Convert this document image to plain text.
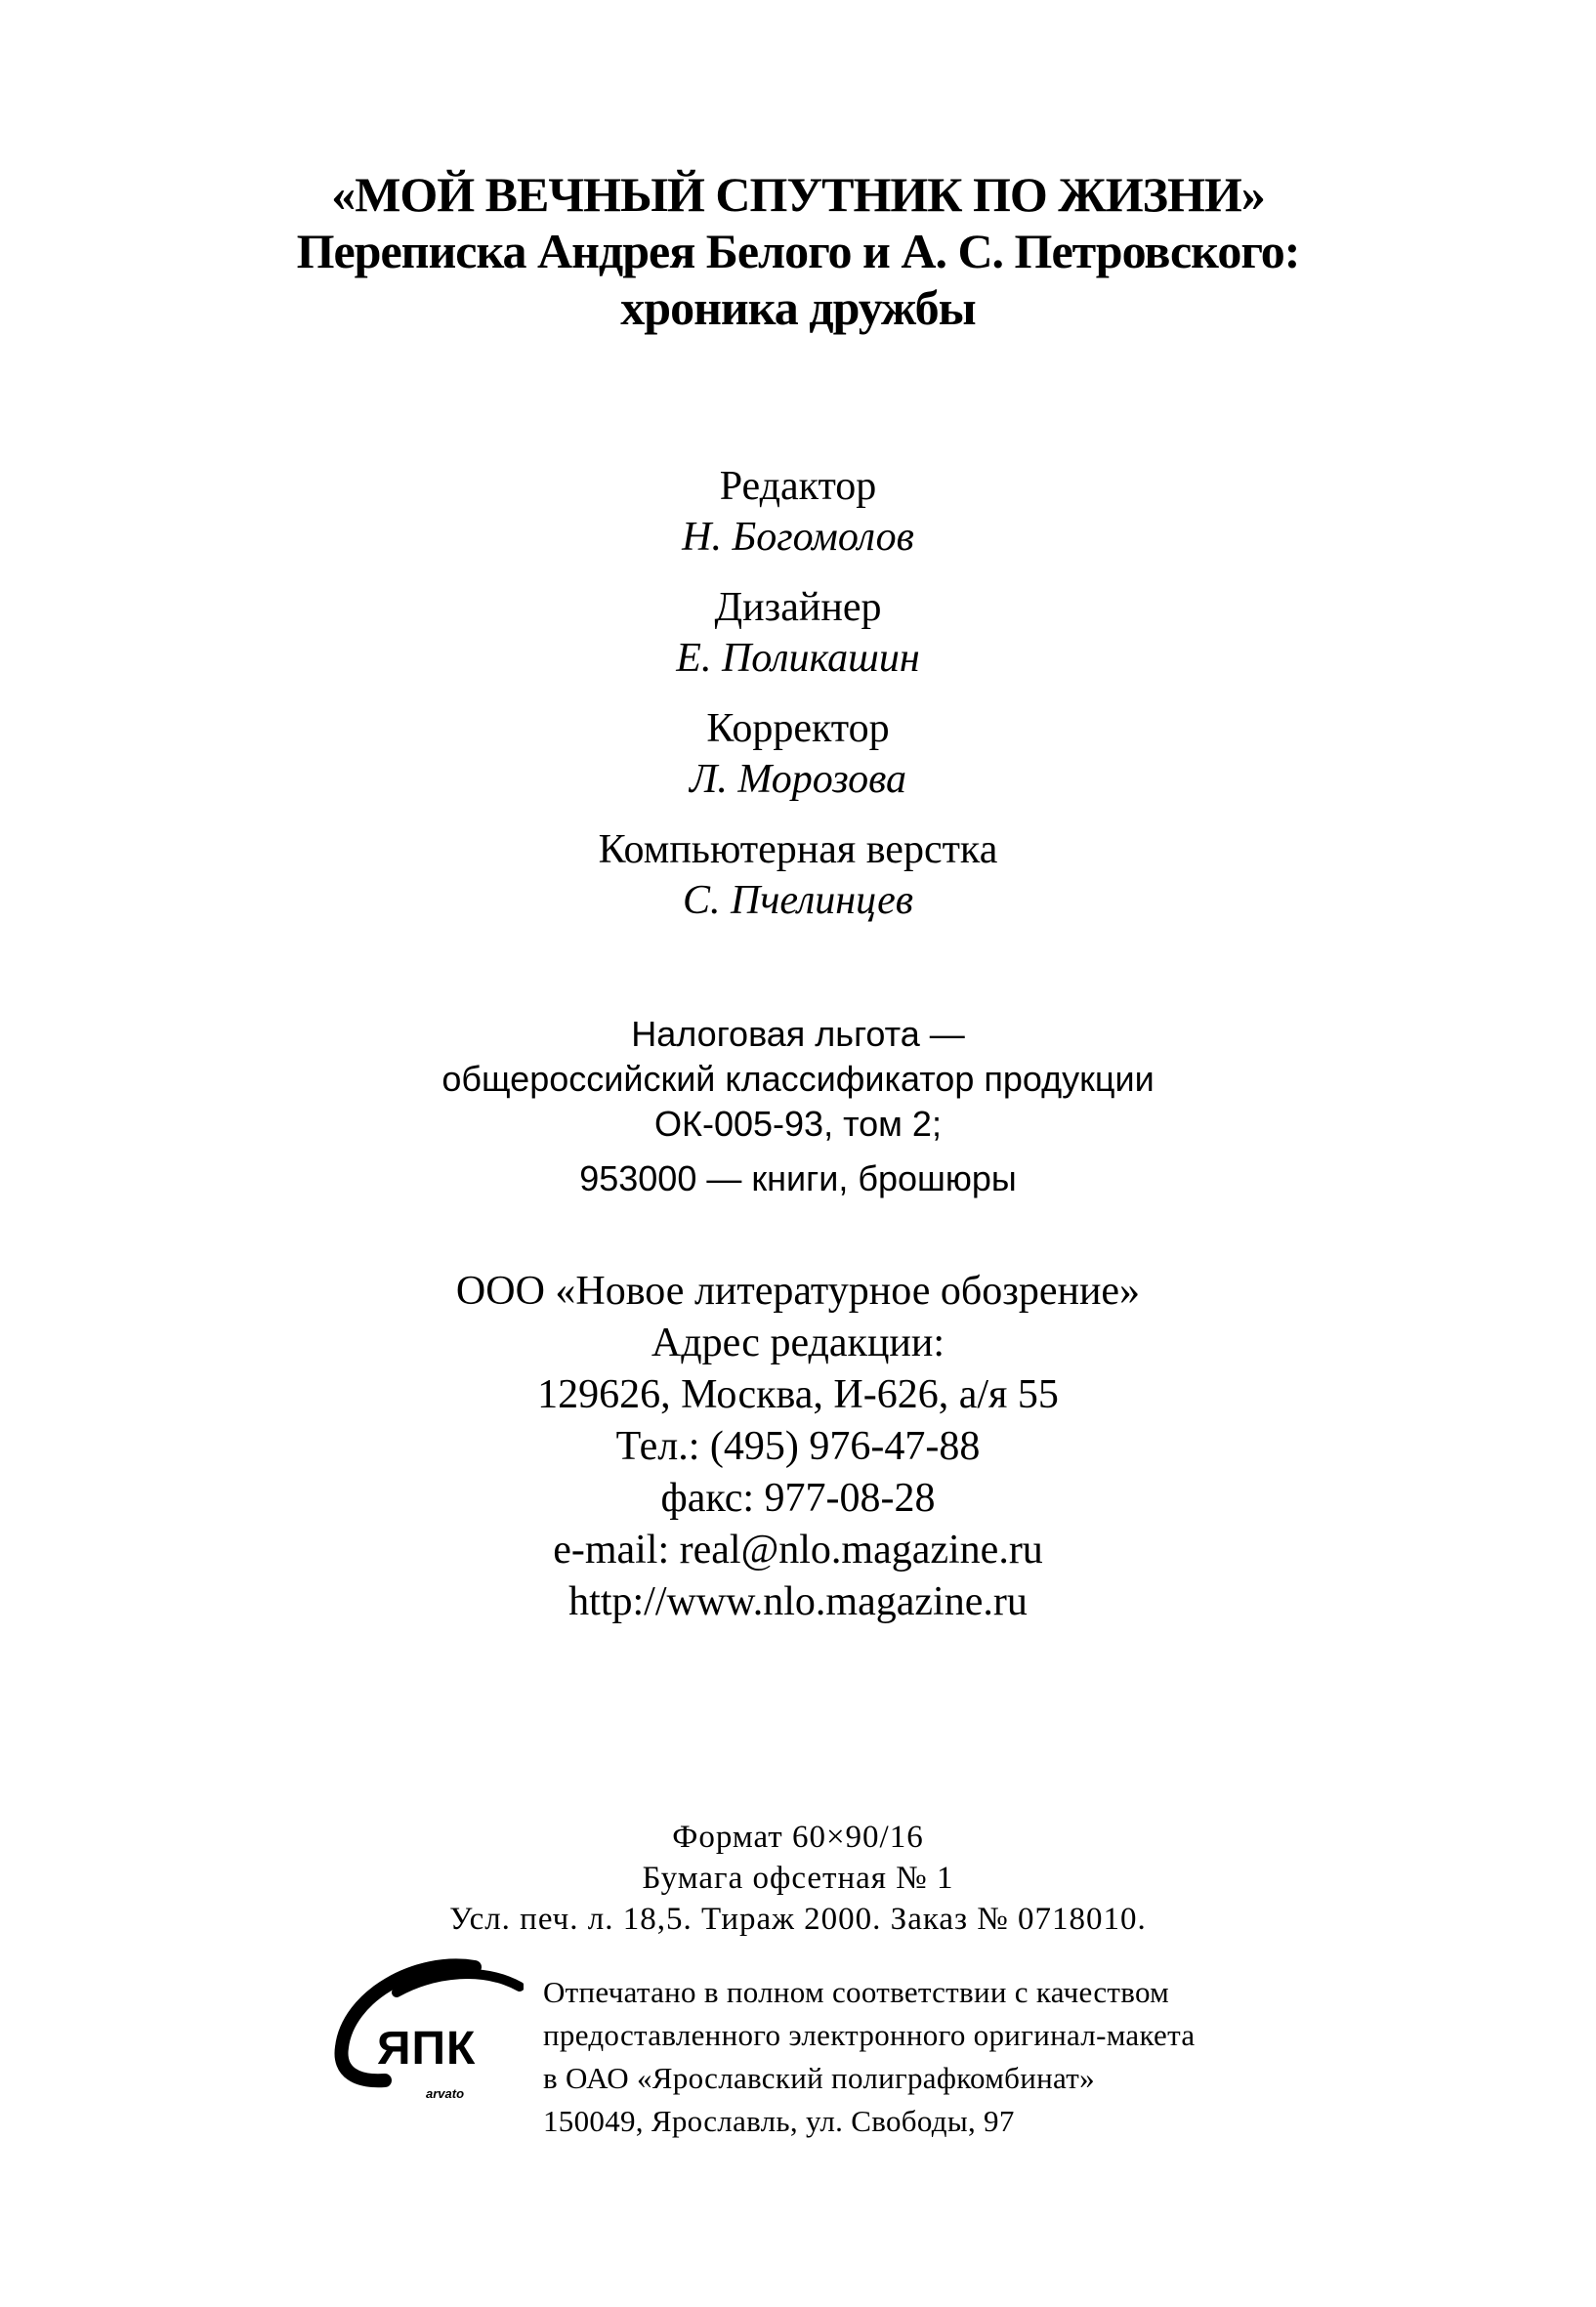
«МОЙ ВЕЧНЫЙ СПУТНИК ПО ЖИЗНИ»
Переписка Андрея Белого и А. С. Петровского:
хроника дружбы
Редактор
Н. Богомолов
Дизайнер
Е. Поликашин
Корректор
Л. Морозова
Компьютерная верстка
С. Пчелинцев
Налоговая льгота —
общероссийский классификатор продукции
ОК-005-93, том 2;
953000 — книги, брошюры
ООО «Новое литературное обозрение»
Адрес редакции:
129626, Москва, И-626, а/я 55
Тел.: (495) 976-47-88
факс: 977-08-28
e-mail: real@nlo.magazine.ru
http://www.nlo.magazine.ru
Формат 60×90/16
Бумага офсетная № 1
Усл. печ. л. 18,5. Тираж 2000. Заказ № 0718010.
ЯПК
arvato
Отпечатано в полном соответствии с качеством
предоставленного электронного оригинал-макета
в ОАО «Ярославский полиграфкомбинат»
150049, Ярославль, ул. Свободы, 97
